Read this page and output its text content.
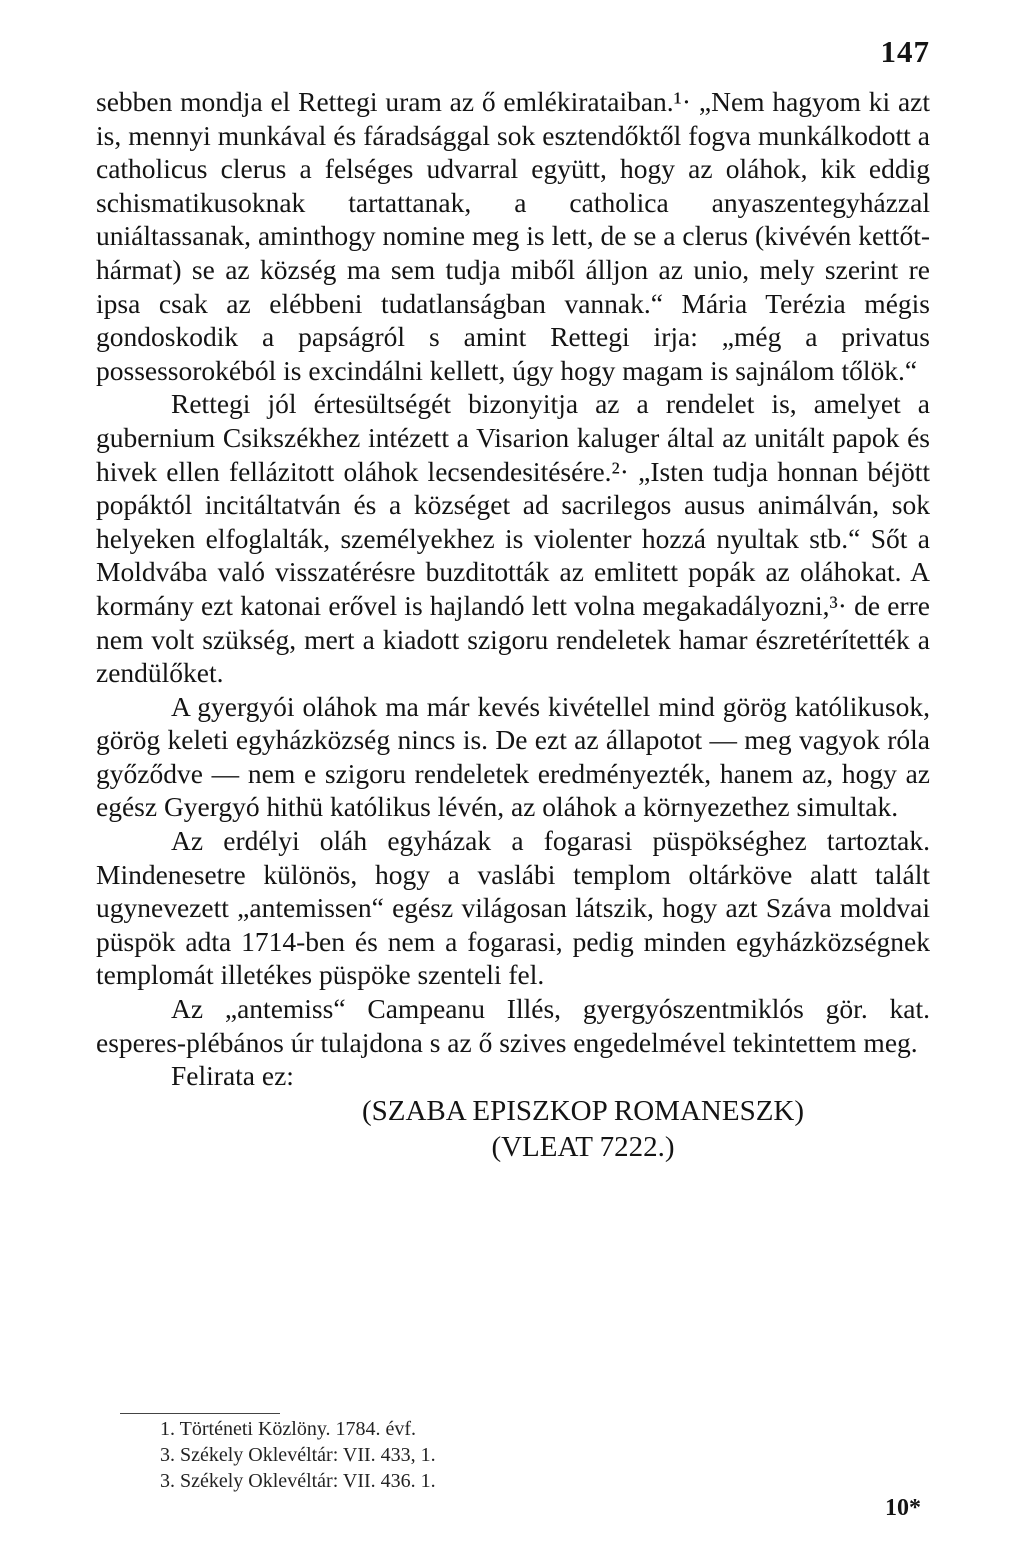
147

sebben mondja el Rettegi uram az ő emlékirataiban.¹· „Nem hagyom ki azt is, mennyi munkával és fáradsággal sok esztendőktől fogva munkálkodott a catholicus clerus a felséges udvarral együtt, hogy az oláhok, kik eddig schismatikusoknak tartattanak, a catholica anyaszentegyházzal uniáltassanak, aminthogy nomine meg is lett, de se a clerus (kivévén kettőt-hármat) se az község ma sem tudja miből álljon az unio, mely szerint re ipsa csak az elébbeni tudatlanságban vannak.“ Mária Terézia mégis gondoskodik a papságról s amint Rettegi irja: „még a privatus possessorokéból is excindálni kellett, úgy hogy magam is sajnálom tőlök.“

Rettegi jól értesültségét bizonyitja az a rendelet is, amelyet a gubernium Csikszékhez intézett a Visarion kaluger által az unitált papok és hivek ellen fellázitott oláhok lecsendesitésére.²· „Isten tudja honnan béjött popáktól incitáltatván és a községet ad sacrilegos ausus animálván, sok helyeken elfoglalták, személyekhez is violenter hozzá nyultak stb.“ Sőt a Moldvába való visszatérésre buzditották az emlitett popák az oláhokat. A kormány ezt katonai erővel is hajlandó lett volna megakadályozni,³· de erre nem volt szükség, mert a kiadott szigoru rendeletek hamar észretérítették a zendülőket.

A gyergyói oláhok ma már kevés kivétellel mind görög katólikusok, görög keleti egyházközség nincs is. De ezt az állapotot — meg vagyok róla győződve — nem e szigoru rendeletek eredményezték, hanem az, hogy az egész Gyergyó hithü katólikus lévén, az oláhok a környezethez simultak.

Az erdélyi oláh egyházak a fogarasi püspökséghez tartoztak. Mindenesetre különös, hogy a vaslábi templom oltárköve alatt talált ugynevezett „antemissen“ egész világosan látszik, hogy azt Száva moldvai püspök adta 1714-ben és nem a fogarasi, pedig minden egyházközségnek templomát illetékes püspöke szenteli fel.

Az „antemiss“ Campeanu Illés, gyergyószentmiklós gör. kat. esperes-plébános úr tulajdona s az ő szives engedelmével tekintettem meg.

Felirata ez:

(SZABA EPISZKOP ROMANESZK)
(VLEAT 7222.)
1. Történeti Közlöny. 1784. évf.
3. Székely Oklevéltár: VII. 433, 1.
3. Székely Oklevéltár: VII. 436. 1.
10*
